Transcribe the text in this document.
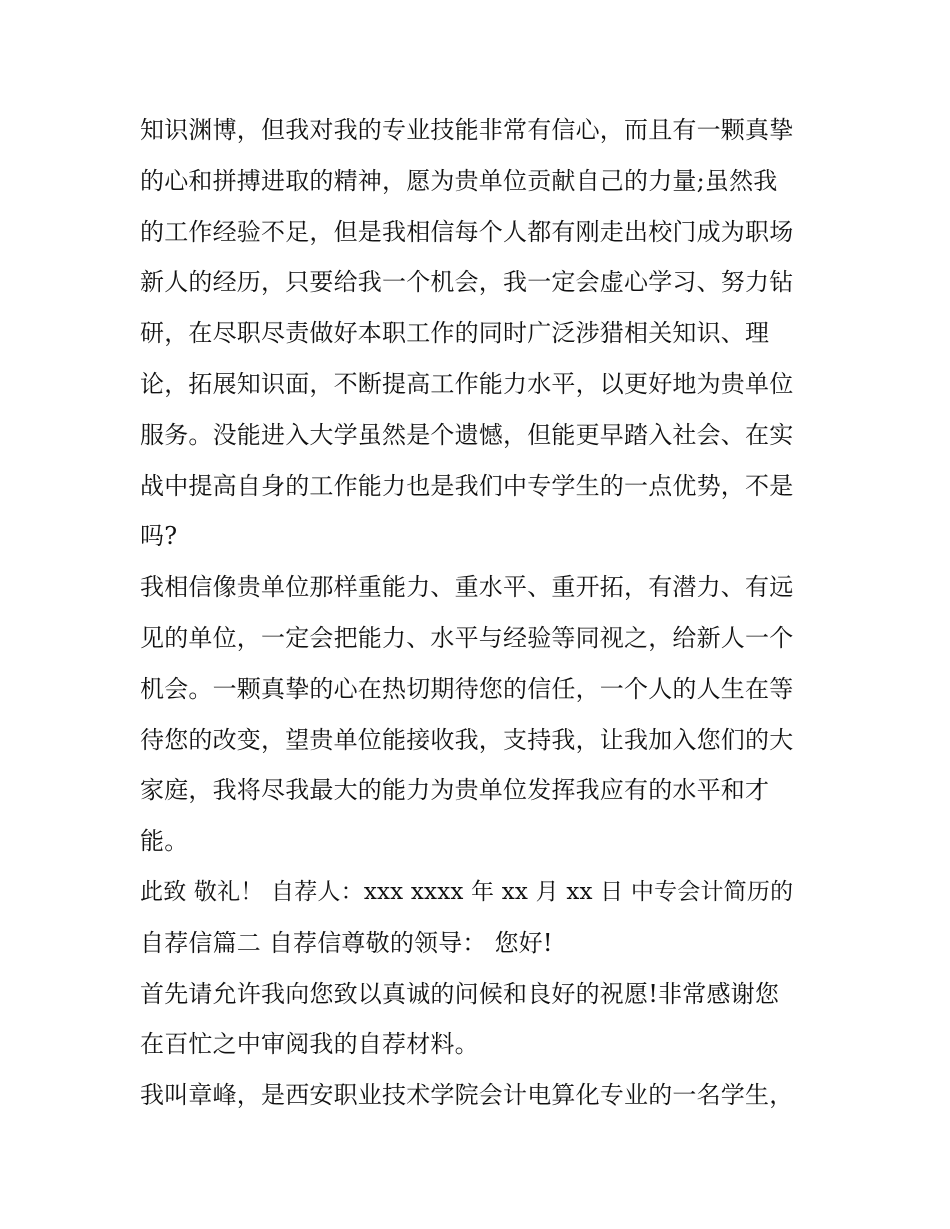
知识渊博，但我对我的专业技能非常有信心，而且有一颗真挚
的心和拼搏进取的精神，愿为贵单位贡献自己的力量;虽然我
的工作经验不足，但是我相信每个人都有刚走出校门成为职场
新人的经历，只要给我一个机会，我一定会虚心学习、努力钻
研，在尽职尽责做好本职工作的同时广泛涉猎相关知识、理
论，拓展知识面，不断提高工作能力水平，以更好地为贵单位
服务。没能进入大学虽然是个遗憾，但能更早踏入社会、在实
战中提高自身的工作能力也是我们中专学生的一点优势，不是
吗?
我相信像贵单位那样重能力、重水平、重开拓，有潜力、有远
见的单位，一定会把能力、水平与经验等同视之，给新人一个
机会。一颗真挚的心在热切期待您的信任，一个人的人生在等
待您的改变，望贵单位能接收我，支持我，让我加入您们的大
家庭，我将尽我最大的能力为贵单位发挥我应有的水平和才
能。
此致 敬礼！ 自荐人：xxx xxxx 年 xx 月 xx 日 中专会计简历的
自荐信篇二 自荐信尊敬的领导： 您好!
首先请允许我向您致以真诚的问候和良好的祝愿!非常感谢您
在百忙之中审阅我的自荐材料。
我叫章峰，是西安职业技术学院会计电算化专业的一名学生，
